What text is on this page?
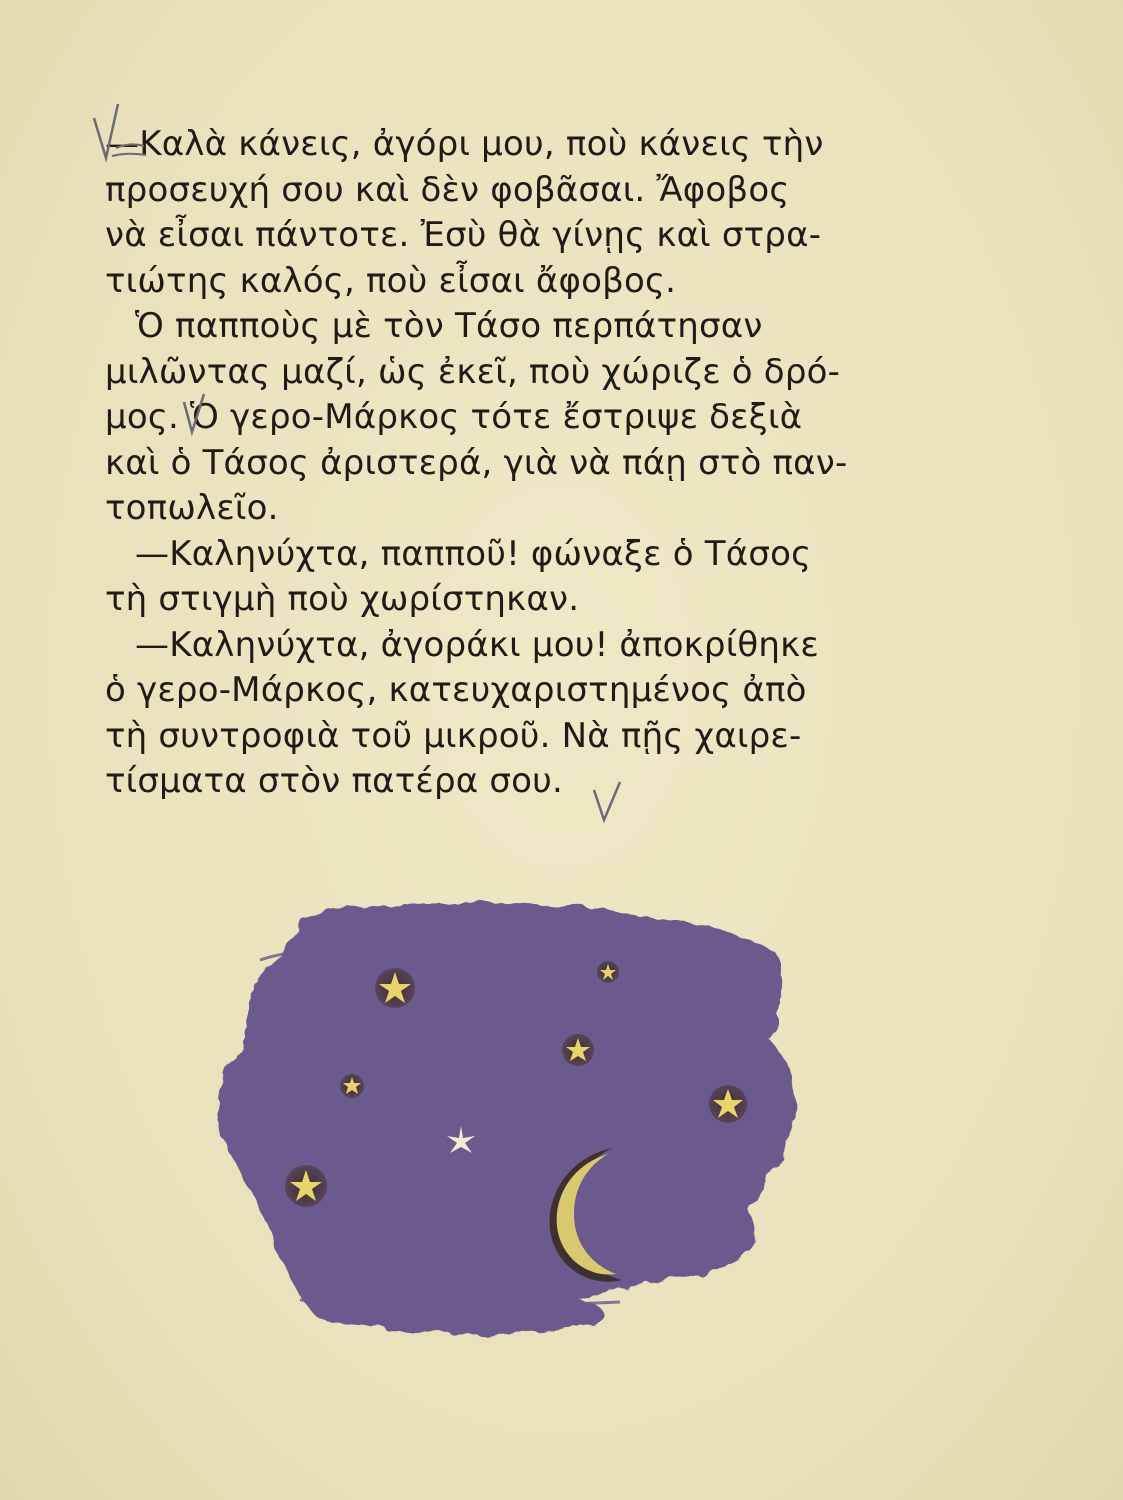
—Καλὰ κάνεις, ἀγόρι μου, ποὺ κάνεις τὴν
προσευχή σου καὶ δὲν φοβᾶσαι. Ἄφοβος
νὰ εἶσαι πάντοτε. Ἐσὺ θὰ γίνῃς καὶ στρα-
τιώτης καλός, ποὺ εἶσαι ἄφοβος.
Ὁ παπποὺς μὲ τὸν Τάσο περπάτησαν
μιλῶντας μαζί, ὡς ἐκεῖ, ποὺ χώριζε ὁ δρό-
μος. Ὁ γερο-Μάρκος τότε ἔστριψε δεξιὰ
καὶ ὁ Τάσος ἀριστερά, γιὰ νὰ πάῃ στὸ παν-
τοπωλεῖο.
—Καληνύχτα, παπποῦ! φώναξε ὁ Τάσος
τὴ στιγμὴ ποὺ χωρίστηκαν.
—Καληνύχτα, ἀγοράκι μου! ἀποκρίθηκε
ὁ γερο-Μάρκος, κατευχαριστημένος ἀπὸ
τὴ συντροφιὰ τοῦ μικροῦ. Νὰ πῇς χαιρε-
τίσματα στὸν πατέρα σου.
